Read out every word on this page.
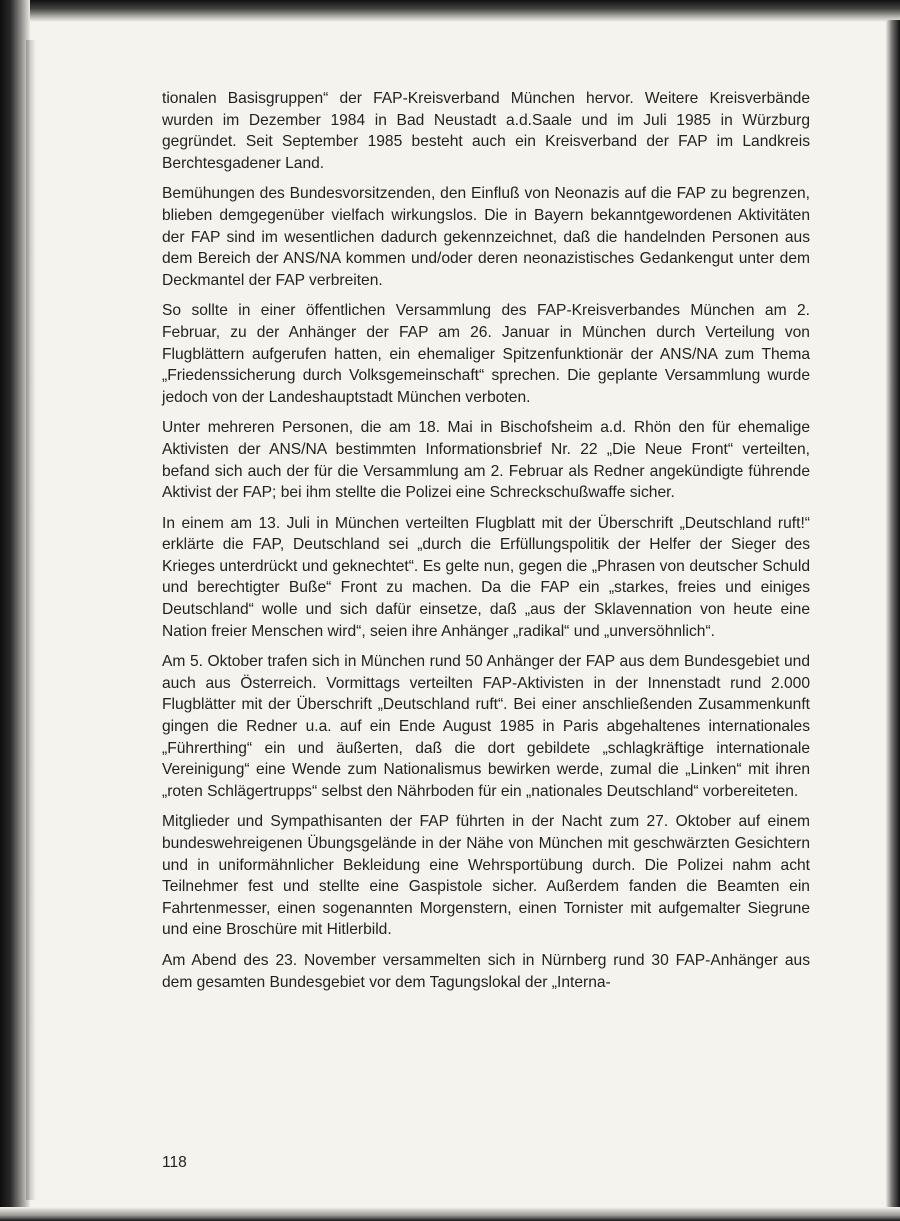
tionalen Basisgruppen“ der FAP-Kreisverband München hervor. Weitere Kreisverbände wurden im Dezember 1984 in Bad Neustadt a.d.Saale und im Juli 1985 in Würzburg gegründet. Seit September 1985 besteht auch ein Kreisverband der FAP im Landkreis Berchtesgadener Land.

Bemühungen des Bundesvorsitzenden, den Einfluß von Neonazis auf die FAP zu begrenzen, blieben demgegenüber vielfach wirkungslos. Die in Bayern bekanntgewordenen Aktivitäten der FAP sind im wesentlichen dadurch gekennzeichnet, daß die handelnden Personen aus dem Bereich der ANS/NA kommen und/oder deren neonazistisches Gedankengut unter dem Deckmantel der FAP verbreiten.

So sollte in einer öffentlichen Versammlung des FAP-Kreisverbandes München am 2. Februar, zu der Anhänger der FAP am 26. Januar in München durch Verteilung von Flugblättern aufgerufen hatten, ein ehemaliger Spitzenfunktionär der ANS/NA zum Thema „Friedenssicherung durch Volksgemeinschaft“ sprechen. Die geplante Versammlung wurde jedoch von der Landeshauptstadt München verboten.

Unter mehreren Personen, die am 18. Mai in Bischofsheim a.d. Rhön den für ehemalige Aktivisten der ANS/NA bestimmten Informationsbrief Nr. 22 „Die Neue Front“ verteilten, befand sich auch der für die Versammlung am 2. Februar als Redner angekündigte führende Aktivist der FAP; bei ihm stellte die Polizei eine Schreckschußwaffe sicher.

In einem am 13. Juli in München verteilten Flugblatt mit der Überschrift „Deutschland ruft!“ erklärte die FAP, Deutschland sei „durch die Erfüllungspolitik der Helfer der Sieger des Krieges unterdrückt und geknechtet“. Es gelte nun, gegen die „Phrasen von deutscher Schuld und berechtigter Buße“ Front zu machen. Da die FAP ein „starkes, freies und einiges Deutschland“ wolle und sich dafür einsetze, daß „aus der Sklavennation von heute eine Nation freier Menschen wird“, seien ihre Anhänger „radikal“ und „unversöhnlich“.

Am 5. Oktober trafen sich in München rund 50 Anhänger der FAP aus dem Bundesgebiet und auch aus Österreich. Vormittags verteilten FAP-Aktivisten in der Innenstadt rund 2.000 Flugblätter mit der Überschrift „Deutschland ruft“. Bei einer anschließenden Zusammenkunft gingen die Redner u.a. auf ein Ende August 1985 in Paris abgehaltenes internationales „Führerthing“ ein und äußerten, daß die dort gebildete „schlagkräftige internationale Vereinigung“ eine Wende zum Nationalismus bewirken werde, zumal die „Linken“ mit ihren „roten Schlägertrupps“ selbst den Nährboden für ein „nationales Deutschland“ vorbereiteten.

Mitglieder und Sympathisanten der FAP führten in der Nacht zum 27. Oktober auf einem bundeswehreigenen Übungsgelände in der Nähe von München mit geschwärzten Gesichtern und in uniformähnlicher Bekleidung eine Wehrsportübung durch. Die Polizei nahm acht Teilnehmer fest und stellte eine Gaspistole sicher. Außerdem fanden die Beamten ein Fahrtenmesser, einen sogenannten Morgenstern, einen Tornister mit aufgemalter Siegrune und eine Broschüre mit Hitlerbild.

Am Abend des 23. November versammelten sich in Nürnberg rund 30 FAP-Anhänger aus dem gesamten Bundesgebiet vor dem Tagungslokal der „Interna-

118
